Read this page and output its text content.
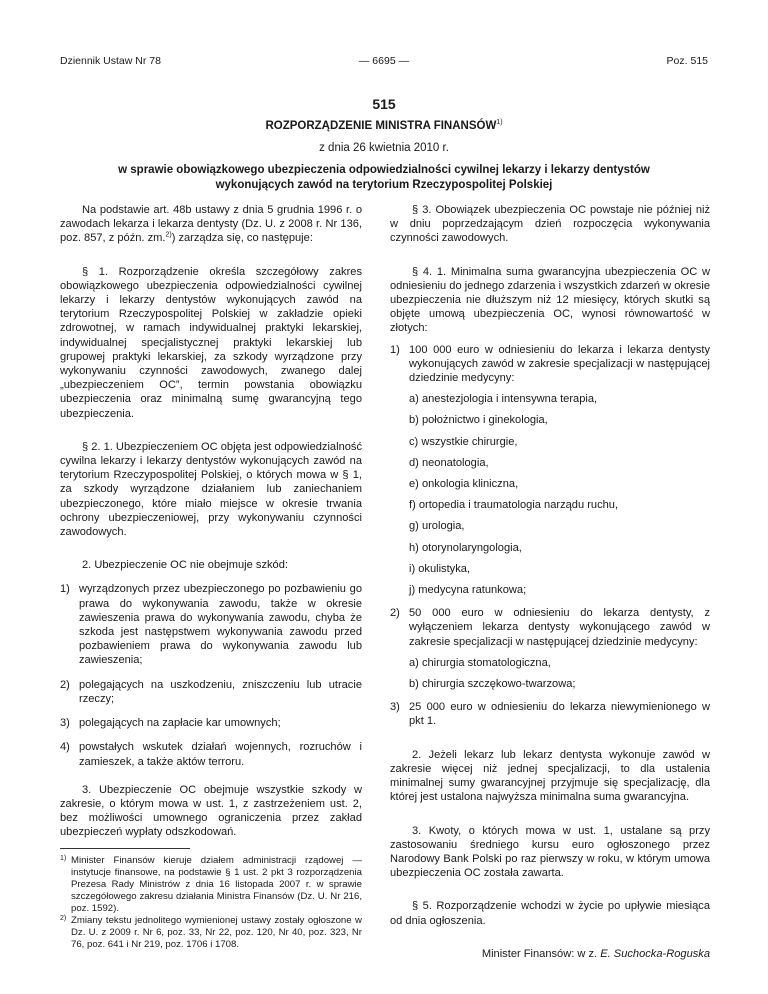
Dziennik Ustaw Nr 78	— 6695 —	Poz. 515
515
ROZPORZĄDZENIE MINISTRA FINANSÓW$^{1)}$
z dnia 26 kwietnia 2010 r.
w sprawie obowiązkowego ubezpieczenia odpowiedzialności cywilnej lekarzy i lekarzy dentystów wykonujących zawód na terytorium Rzeczypospolitej Polskiej

Na podstawie art. 48b ustawy z dnia 5 grudnia 1996 r. o zawodach lekarza i lekarza dentysty (Dz. U. z 2008 r. Nr 136, poz. 857, z późn. zm.$^{2)}$) zarządza się, co następuje:

§ 1. Rozporządzenie określa szczegółowy zakres obowiązkowego ubezpieczenia odpowiedzialności cywilnej lekarzy i lekarzy dentystów wykonujących zawód na terytorium Rzeczypospolitej Polskiej w zakładzie opieki zdrowotnej, w ramach indywidualnej praktyki lekarskiej, indywidualnej specjalistycznej praktyki lekarskiej lub grupowej praktyki lekarskiej, za szkody wyrządzone przy wykonywaniu czynności zawodowych, zwanego dalej „ubezpieczeniem OC”, termin powstania obowiązku ubezpieczenia oraz minimalną sumę gwarancyjną tego ubezpieczenia.

§ 2. 1. Ubezpieczeniem OC objęta jest odpowiedzialność cywilna lekarzy i lekarzy dentystów wykonujących zawód na terytorium Rzeczypospolitej Polskiej, o których mowa w § 1, za szkody wyrządzone działaniem lub zaniechaniem ubezpieczonego, które miało miejsce w okresie trwania ochrony ubezpieczeniowej, przy wykonywaniu czynności zawodowych.

2. Ubezpieczenie OC nie obejmuje szkód:

1) wyrządzonych przez ubezpieczonego po pozbawieniu go prawa do wykonywania zawodu, także w okresie zawieszenia prawa do wykonywania zawodu, chyba że szkoda jest następstwem wykonywania zawodu przed pozbawieniem prawa do wykonywania zawodu lub zawieszenia;
2) polegających na uszkodzeniu, zniszczeniu lub utracie rzeczy;
3) polegających na zapłacie kar umownych;
4) powstałych wskutek działań wojennych, rozruchów i zamieszek, a także aktów terroru.

3. Ubezpieczenie OC obejmuje wszystkie szkody w zakresie, o którym mowa w ust. 1, z zastrzeżeniem ust. 2, bez możliwości umownego ograniczenia przez zakład ubezpieczeń wypłaty odszkodowań.

1) Minister Finansów kieruje działem administracji rządowej — instytucje finansowe, na podstawie § 1 ust. 2 pkt 3 rozporządzenia Prezesa Rady Ministrów z dnia 16 listopada 2007 r. w sprawie szczegółowego zakresu działania Ministra Finansów (Dz. U. Nr 216, poz. 1592).
2) Zmiany tekstu jednolitego wymienionej ustawy zostały ogłoszone w Dz. U. z 2009 r. Nr 6, poz. 33, Nr 22, poz. 120, Nr 40, poz. 323, Nr 76, poz. 641 i Nr 219, poz. 1706 i 1708.

§ 3. Obowiązek ubezpieczenia OC powstaje nie później niż w dniu poprzedzającym dzień rozpoczęcia wykonywania czynności zawodowych.

§ 4. 1. Minimalna suma gwarancyjna ubezpieczenia OC w odniesieniu do jednego zdarzenia i wszystkich zdarzeń w okresie ubezpieczenia nie dłuższym niż 12 miesięcy, których skutki są objęte umową ubezpieczenia OC, wynosi równowartość w złotych:

1) 100 000 euro w odniesieniu do lekarza i lekarza dentysty wykonujących zawód w zakresie specjalizacji w następującej dziedzinie medycyny:
a) anestezjologia i intensywna terapia,
b) położnictwo i ginekologia,
c) wszystkie chirurgie,
d) neonatologia,
e) onkologia kliniczna,
f) ortopedia i traumatologia narządu ruchu,
g) urologia,
h) otorynolaryngologia,
i) okulistyka,
j) medycyna ratunkowa;
2) 50 000 euro w odniesieniu do lekarza dentysty, z wyłączeniem lekarza dentysty wykonującego zawód w zakresie specjalizacji w następującej dziedzinie medycyny:
a) chirurgia stomatologiczna,
b) chirurgia szczękowo-twarzowa;
3) 25 000 euro w odniesieniu do lekarza niewymienionego w pkt 1.

2. Jeżeli lekarz lub lekarz dentysta wykonuje zawód w zakresie więcej niż jednej specjalizacji, to dla ustalenia minimalnej sumy gwarancyjnej przyjmuje się specjalizację, dla której jest ustalona najwyższa minimalna suma gwarancyjna.

3. Kwoty, o których mowa w ust. 1, ustalane są przy zastosowaniu średniego kursu euro ogłoszonego przez Narodowy Bank Polski po raz pierwszy w roku, w którym umowa ubezpieczenia OC została zawarta.

§ 5. Rozporządzenie wchodzi w życie po upływie miesiąca od dnia ogłoszenia.

Minister Finansów: w z. E. Suchocka-Roguska
